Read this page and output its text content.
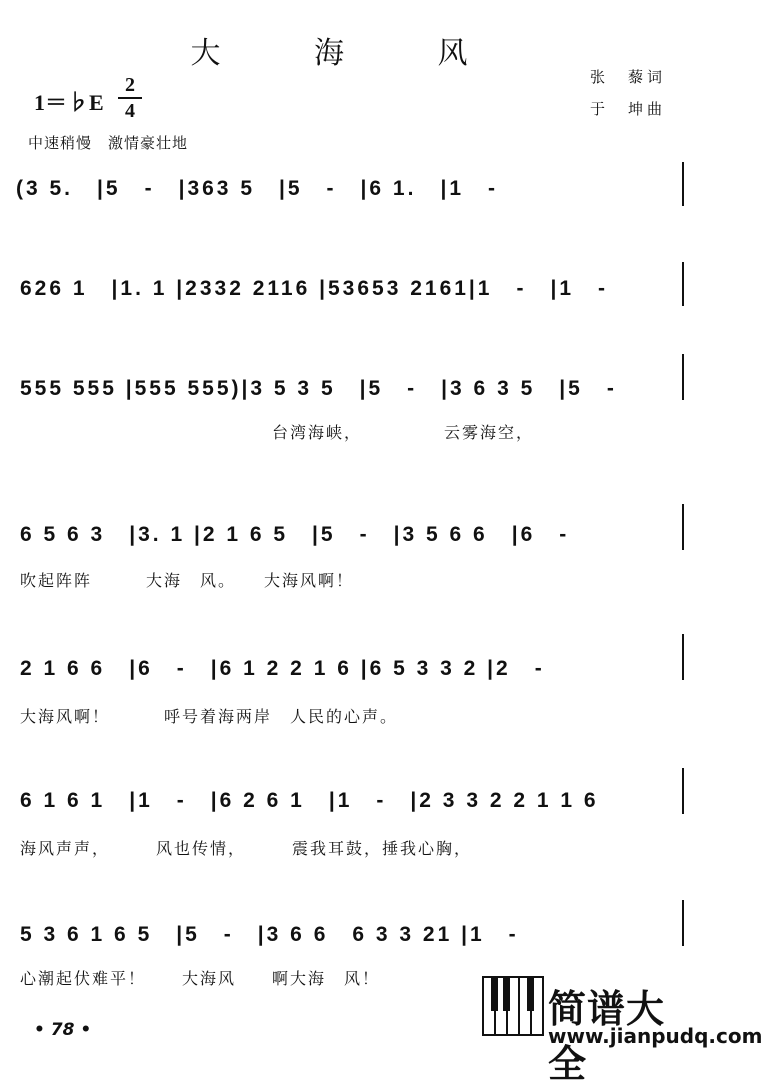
大 海 风
1＝♭E
2
4
张　藜词
于　坤曲
中速稍慢　激情豪壮地
(3 5.　|5　-　|363 5　|5　-　|6 1.　|1　-
626 1　|1. 1 |2332 2116 |53653 2161|1　-　|1　-
555 555 |555 555)|3 5 3 5　|5　-　|3 6 3 5　|5　-
台湾海峡，　　　　　云雾海空，
6 5 6 3　|3. 1 |2 1 6 5　|5　-　|3 5 6 6　|6　-
吹起阵阵　　　大海　风。　　大海风啊！
2 1 6 6　|6　-　|6 1 2 2 1 6 |6 5 3 3 2 |2　-
大海风啊！　　　呼号着海两岸　人民的心声。
6 1 6 1　|1　-　|6 2 6 1　|1　-　|2 3 3 2 2 1 1 6
海风声声，　　　风也传情，　　　震我耳鼓，捶我心胸，
5 3 6 1 6 5　|5　-　|3 6 6　6 3 3 21 |1　-
心潮起伏难平！　　大海风　　啊大海　风！
• 78 •	简谱大全
www.jianpudq.com
